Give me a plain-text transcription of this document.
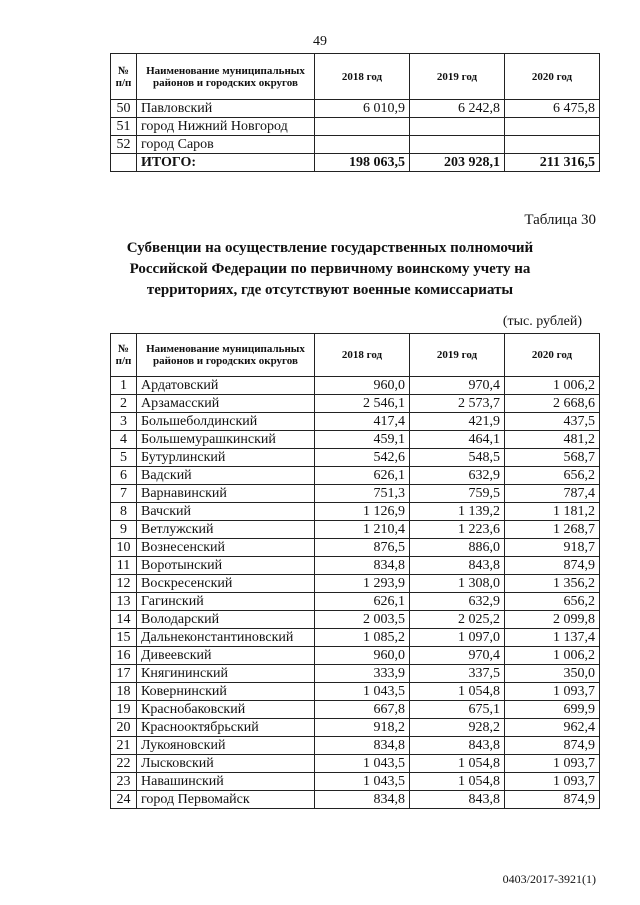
49
№ п/п	Наименование муниципальных районов и городских округов	2018 год	2019 год	2020 год
50	Павловский	6 010,9	6 242,8	6 475,8
51	город Нижний Новгород			
52	город Саров			
	ИТОГО:	198 063,5	203 928,1	211 316,5
Таблица 30
Субвенции на осуществление государственных полномочий Российской Федерации по первичному воинскому учету на территориях, где отсутствуют военные комиссариаты
(тыс. рублей)
№ п/п	Наименование муниципальных районов и городских округов	2018 год	2019 год	2020 год
1	Ардатовский	960,0	970,4	1 006,2
2	Арзамасский	2 546,1	2 573,7	2 668,6
3	Большеболдинский	417,4	421,9	437,5
4	Большемурашкинский	459,1	464,1	481,2
5	Бутурлинский	542,6	548,5	568,7
6	Вадский	626,1	632,9	656,2
7	Варнавинский	751,3	759,5	787,4
8	Вачский	1 126,9	1 139,2	1 181,2
9	Ветлужский	1 210,4	1 223,6	1 268,7
10	Вознесенский	876,5	886,0	918,7
11	Воротынский	834,8	843,8	874,9
12	Воскресенский	1 293,9	1 308,0	1 356,2
13	Гагинский	626,1	632,9	656,2
14	Володарский	2 003,5	2 025,2	2 099,8
15	Дальнеконстантиновский	1 085,2	1 097,0	1 137,4
16	Дивеевский	960,0	970,4	1 006,2
17	Княгининский	333,9	337,5	350,0
18	Ковернинский	1 043,5	1 054,8	1 093,7
19	Краснобаковский	667,8	675,1	699,9
20	Краснооктябрьский	918,2	928,2	962,4
21	Лукояновский	834,8	843,8	874,9
22	Лысковский	1 043,5	1 054,8	1 093,7
23	Навашинский	1 043,5	1 054,8	1 093,7
24	город Первомайск	834,8	843,8	874,9
0403/2017-3921(1)
